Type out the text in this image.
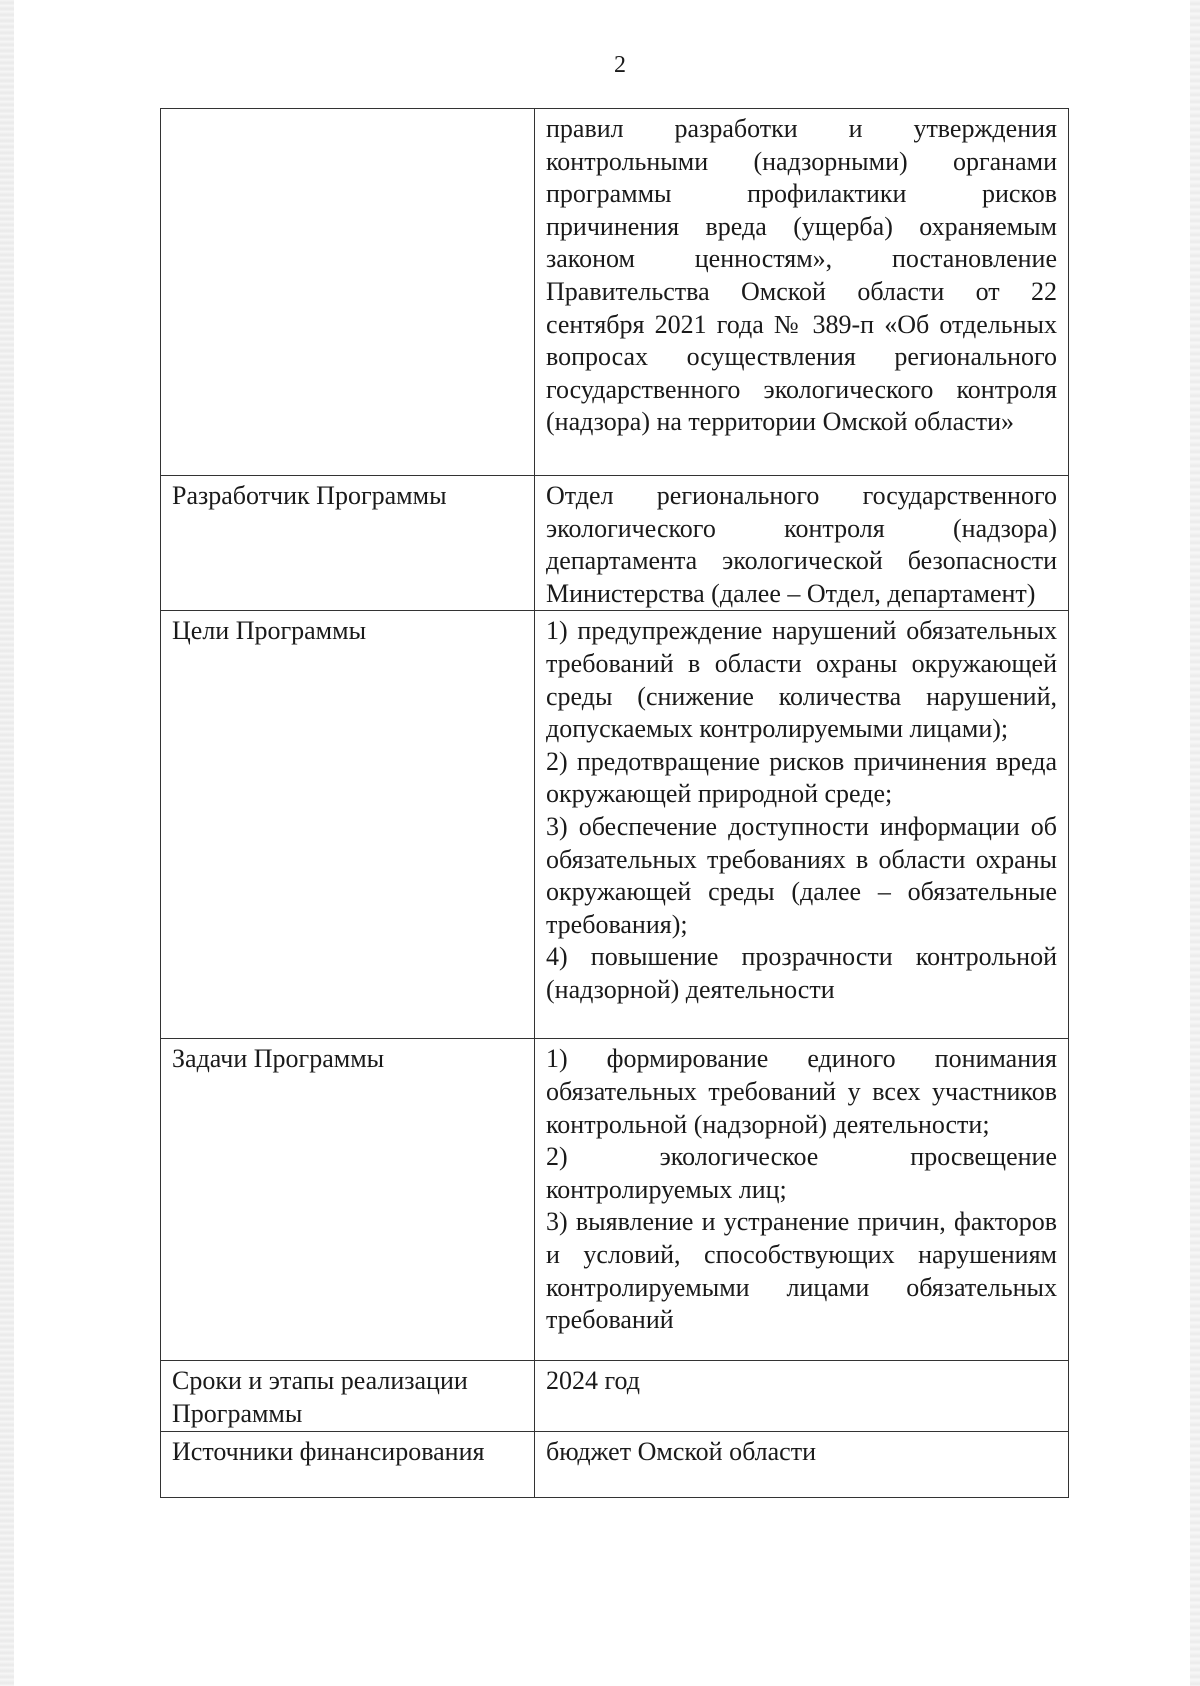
2

	правил разработки и утверждения контрольными (надзорными) органами программы профилактики рисков причинения вреда (ущерба) охраняемым законом ценностям», постановление Правительства Омской области от 22 сентября 2021 года № 389-п «Об отдельных вопросах осуществления регионального государственного экологического контроля (надзора) на территории Омской области»

Разработчик Программы	Отдел регионального государственного экологического контроля (надзора) департамента экологической безопасности Министерства (далее – Отдел, департамент)

Цели Программы	1) предупреждение нарушений обязательных требований в области охраны окружающей среды (снижение количества нарушений, допускаемых контролируемыми лицами);
2) предотвращение рисков причинения вреда окружающей природной среде;
3) обеспечение доступности информации об обязательных требованиях в области охраны окружающей среды (далее – обязательные требования);
4) повышение прозрачности контрольной (надзорной) деятельности

Задачи Программы	1) формирование единого понимания обязательных требований у всех участников контрольной (надзорной) деятельности;
2) экологическое просвещение контролируемых лиц;
3) выявление и устранение причин, факторов и условий, способствующих нарушениям контролируемыми лицами обязательных требований

Сроки и этапы реализации Программы	2024 год

Источники финансирования	бюджет Омской области
